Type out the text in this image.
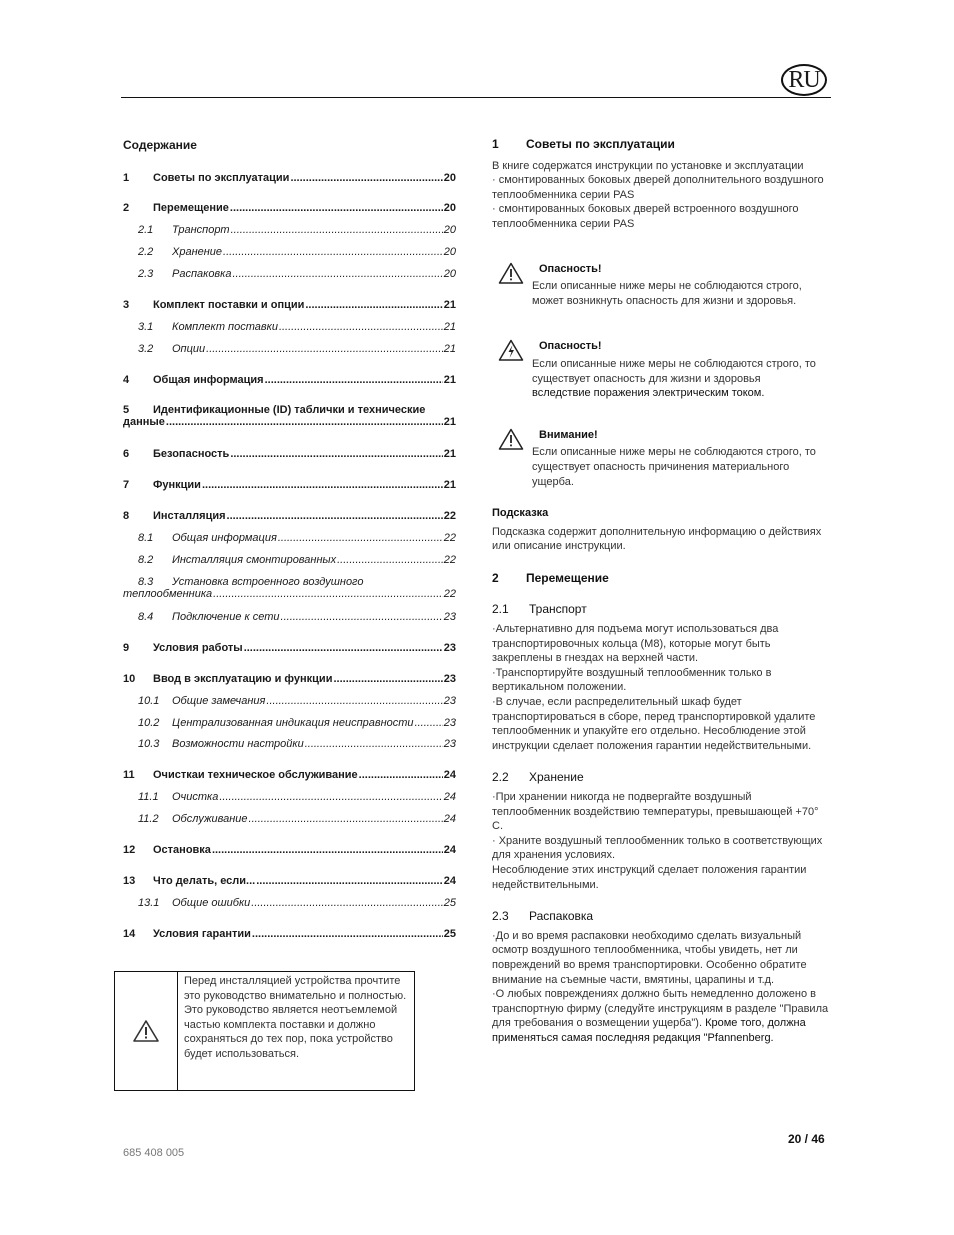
RU
Содержание
1	Советы по эксплуатации .....	20
2	Перемещение .....	20
2.1	Транспорт .....	20
2.2	Хранение .....	20
2.3	Распаковка .....	20
3	Комплект поставки и опции .....	21
3.1	Комплект поставки .....	21
3.2	Опции .....	21
4	Общая информация .....	21
5 Идентификационные (ID) таблички и технические
данные .....	21
6	Безопасность .....	21
7	Функции .....	21
8	Инсталляция .....	22
8.1	Общая информация .....	22
8.2	Инсталляция смонтированных .....	22
8.3 Установка встроенного воздушного
теплообменника .....	22
8.4	Подключение к сети .....	23
9	Условия работы .....	23
10	Ввод в эксплуатацию и функции .....	23
10.1	Общие замечания .....	23
10.2	Централизованная индикация неисправности .....	23
10.3	Возможности настройки .....	23
11	Очисткаи техническое обслуживание .....	24
11.1	Очистка .....	24
11.2	Обслуживание .....	24
12	Остановка .....	24
13	Что делать, если... .....	24
13.1	Общие ошибки .....	25
14	Условия гарантии .....	25
Перед инсталляцией устройства прочтите это руководство внимательно и полностью. Это руководство является неотъемлемой частью комплекта поставки и должно сохраняться до тех пор, пока устройство будет использоваться.
1 Советы по эксплуатации
В книге содержатся инструкции по установке и эксплуатации
· смонтированных боковых дверей дополнительного воздушного теплообменника серии PAS
· смонтированных боковых дверей встроенного воздушного теплообменника серии PAS
Опасность!
Если описанные ниже меры не соблюдаются строго, может возникнуть опасность для жизни и здоровья.
Опасность!
Если описанные ниже меры не соблюдаются строго, то существует опасность для жизни и здоровья
вследствие поражения электрическим током.
Внимание!
Если описанные ниже меры не соблюдаются строго, то существует опасность причинения материального ущерба.
Подсказка
Подсказка содержит дополнительную информацию о действиях или описание инструкции.
2 Перемещение
2.1 Транспорт
·Альтернативно для подъема могут использоваться два транспортировочных кольца (M8), которые могут быть закреплены в гнездах на верхней части.
·Транспортируйте воздушный теплообменник только в вертикальном положении.
·В случае, если распределительный шкаф будет транспортироваться в сборе, перед транспортировкой удалите теплообменник и упакуйте его отдельно. Несоблюдение этой инструкции сделает положения гарантии недействительными.
2.2 Хранение
·При хранении никогда не подвергайте воздушный теплообменник воздействию температуры, превышающей +70° C.
· Храните воздушный теплообменник только в соответствующих для хранения условиях.
Несоблюдение этих инструкций сделает положения гарантии недействительными.
2.3 Распаковка
·До и во время распаковки необходимо сделать визуальный осмотр воздушного теплообменника, чтобы увидеть, нет ли повреждений во время транспортировки. Особенно обратите внимание на съемные части, вмятины, царапины и т.д.
·О любых повреждениях должно быть немедленно доложено в транспортную фирму (следуйте инструкциям в разделе "Правила для требования о возмещении ущерба"). Кроме того, должна применяться самая последняя редакция "Pfannenberg.
685 408 005
20 / 46
